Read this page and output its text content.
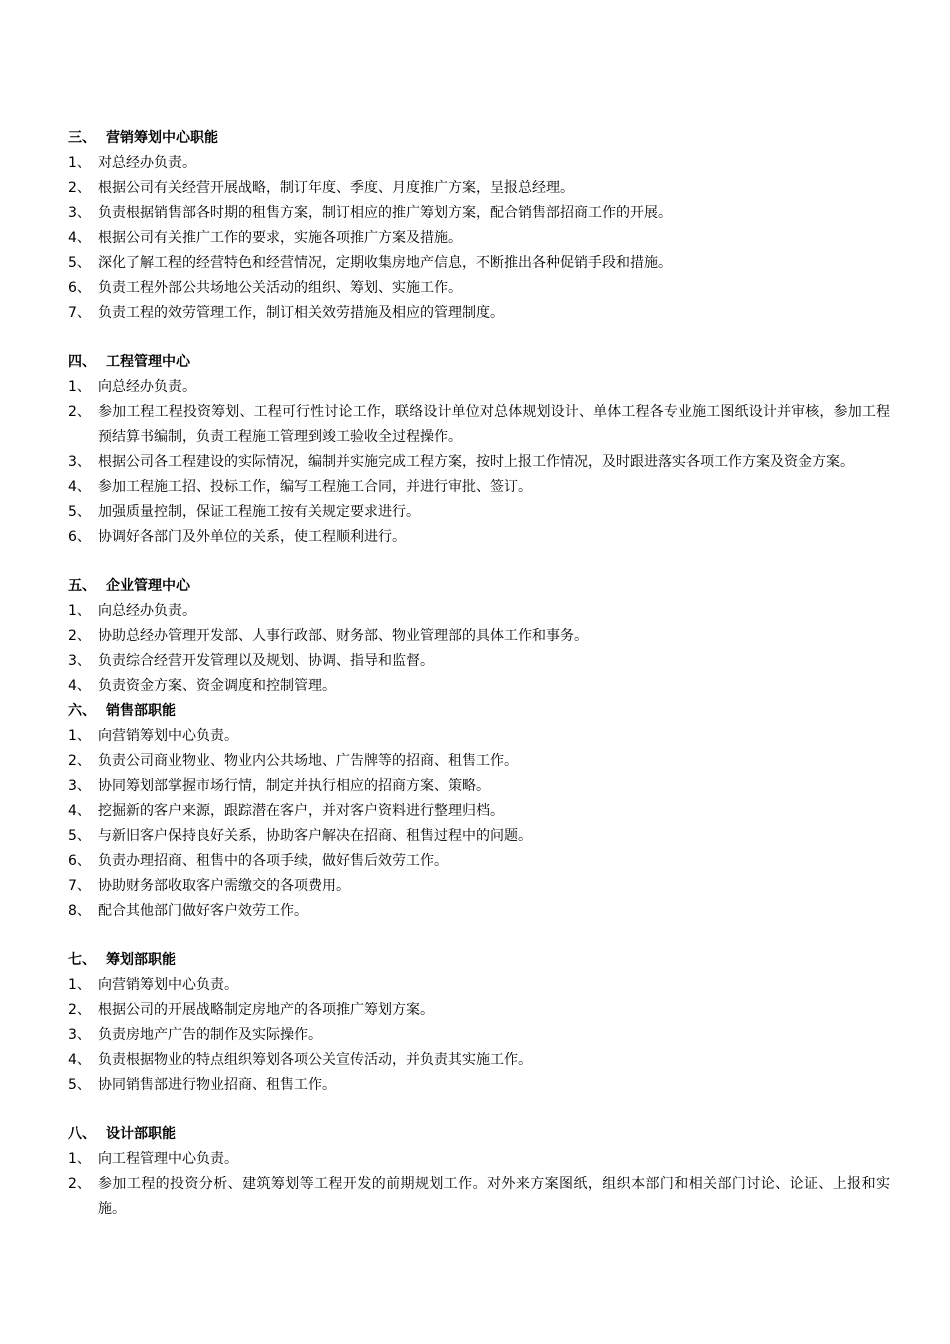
三、 营销筹划中心职能
1、 对总经办负责。
2、 根据公司有关经营开展战略，制订年度、季度、月度推广方案，呈报总经理。
3、 负责根据销售部各时期的租售方案，制订相应的推广筹划方案，配合销售部招商工作的开展。
4、 根据公司有关推广工作的要求，实施各项推广方案及措施。
5、 深化了解工程的经营特色和经营情况，定期收集房地产信息，不断推出各种促销手段和措施。
6、 负责工程外部公共场地公关活动的组织、筹划、实施工作。
7、 负责工程的效劳管理工作，制订相关效劳措施及相应的管理制度。
四、 工程管理中心
1、 向总经办负责。
2、 参加工程工程投资筹划、工程可行性讨论工作，联络设计单位对总体规划设计、单体工程各专业施工图纸设计并审核，参加工程预结算书编制，负责工程施工管理到竣工验收全过程操作。
3、 根据公司各工程建设的实际情况，编制并实施完成工程方案，按时上报工作情况，及时跟进落实各项工作方案及资金方案。
4、 参加工程施工招、投标工作，编写工程施工合同，并进行审批、签订。
5、 加强质量控制，保证工程施工按有关规定要求进行。
6、 协调好各部门及外单位的关系，使工程顺利进行。
五、 企业管理中心
1、 向总经办负责。
2、 协助总经办管理开发部、人事行政部、财务部、物业管理部的具体工作和事务。
3、 负责综合经营开发管理以及规划、协调、指导和监督。
4、 负责资金方案、资金调度和控制管理。
六、 销售部职能
1、 向营销筹划中心负责。
2、 负责公司商业物业、物业内公共场地、广告牌等的招商、租售工作。
3、 协同筹划部掌握市场行情，制定并执行相应的招商方案、策略。
4、 挖掘新的客户来源，跟踪潜在客户，并对客户资料进行整理归档。
5、 与新旧客户保持良好关系，协助客户解决在招商、租售过程中的问题。
6、 负责办理招商、租售中的各项手续，做好售后效劳工作。
7、 协助财务部收取客户需缴交的各项费用。
8、 配合其他部门做好客户效劳工作。
七、 筹划部职能
1、 向营销筹划中心负责。
2、 根据公司的开展战略制定房地产的各项推广筹划方案。
3、 负责房地产广告的制作及实际操作。
4、 负责根据物业的特点组织筹划各项公关宣传活动，并负责其实施工作。
5、 协同销售部进行物业招商、租售工作。
八、 设计部职能
1、 向工程管理中心负责。
2、 参加工程的投资分析、建筑筹划等工程开发的前期规划工作。对外来方案图纸，组织本部门和相关部门讨论、论证、上报和实施。
